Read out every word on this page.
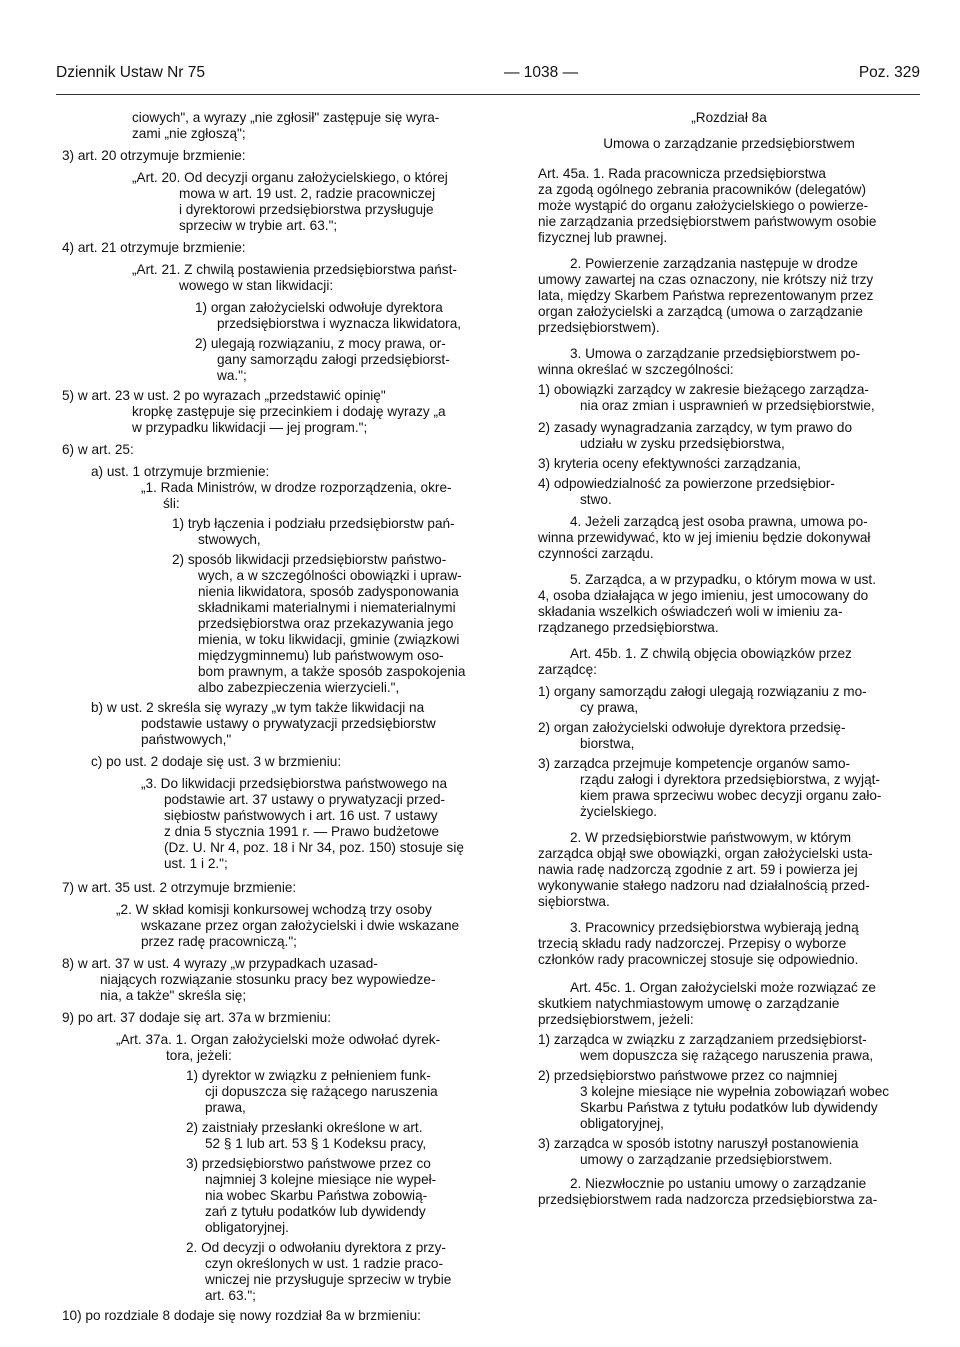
Dziennik Ustaw Nr 75	— 1038 —	Poz. 329
ciowych", a wyrazy „nie zgłosił" zastępuje się wyra-
zami „nie zgłoszą";
3) art. 20 otrzymuje brzmienie:
„Art. 20. Od decyzji organu założycielskiego, o której
mowa w art. 19 ust. 2, radzie pracowniczej
i dyrektorowi przedsiębiorstwa przysługuje
sprzeciw w trybie art. 63.";
4) art. 21 otrzymuje brzmienie:
„Art. 21. Z chwilą postawienia przedsiębiorstwa państ-
wowego w stan likwidacji:
1) organ założycielski odwołuje dyrektora
przedsiębiorstwa i wyznacza likwidatora,
2) ulegają rozwiązaniu, z mocy prawa, or-
gany samorządu załogi przedsiębiorst-
wa.";
5) w art. 23 w ust. 2 po wyrazach „przedstawić opinię"
kropkę zastępuje się przecinkiem i dodaję wyrazy „a
w przypadku likwidacji — jej program.";
6) w art. 25:
a) ust. 1 otrzymuje brzmienie:
„1. Rada Ministrów, w drodze rozporządzenia, okre-
śli:
1) tryb łączenia i podziału przedsiębiorstw pań-
stwowych,
2) sposób likwidacji przedsiębiorstw państwo-
wych, a w szczególności obowiązki i upraw-
nienia likwidatora, sposób zadysponowania
składnikami materialnymi i niematerialnymi
przedsiębiorstwa oraz przekazywania jego
mienia, w toku likwidacji, gminie (związkowi
międzygminnemu) lub państwowym oso-
bom prawnym, a także sposób zaspokojenia
albo zabezpieczenia wierzycieli.",
b) w ust. 2 skreśla się wyrazy „w tym także likwidacji na
podstawie ustawy o prywatyzacji przedsiębiorstw
państwowych,"
c) po ust. 2 dodaje się ust. 3 w brzmieniu:
„3. Do likwidacji przedsiębiorstwa państwowego na
podstawie art. 37 ustawy o prywatyzacji przed-
siębiostw państwowych i art. 16 ust. 7 ustawy
z dnia 5 stycznia 1991 r. — Prawo budżetowe
(Dz. U. Nr 4, poz. 18 i Nr 34, poz. 150) stosuje się
ust. 1 i 2.";
7) w art. 35 ust. 2 otrzymuje brzmienie:
„2. W skład komisji konkursowej wchodzą trzy osoby
wskazane przez organ założycielski i dwie wskazane
przez radę pracowniczą.";
8) w art. 37 w ust. 4 wyrazy „w przypadkach uzasad-
niających rozwiązanie stosunku pracy bez wypowiedze-
nia, a także" skreśla się;
9) po art. 37 dodaje się art. 37a w brzmieniu:
„Art. 37a. 1. Organ założycielski może odwołać dyrek-
tora, jeżeli:
1) dyrektor w związku z pełnieniem funk-
cji dopuszcza się rażącego naruszenia
prawa,
2) zaistniały przesłanki określone w art.
52 § 1 lub art. 53 § 1 Kodeksu pracy,
3) przedsiębiorstwo państwowe przez co
najmniej 3 kolejne miesiące nie wypeł-
nia wobec Skarbu Państwa zobowią-
zań z tytułu podatków lub dywidendy
obligatoryjnej.
2. Od decyzji o odwołaniu dyrektora z przy-
czyn określonych w ust. 1 radzie praco-
wniczej nie przysługuje sprzeciw w trybie
art. 63.";
10) po rozdziale 8 dodaje się nowy rozdział 8a w brzmieniu:
„Rozdział 8a
Umowa o zarządzanie przedsiębiorstwem
Art. 45a. 1. Rada pracownicza przedsiębiorstwa
za zgodą ogólnego zebrania pracowników (delegatów)
może wystąpić do organu założycielskiego o powierze-
nie zarządzania przedsiębiorstwem państwowym osobie
fizycznej lub prawnej.
2. Powierzenie zarządzania następuje w drodze
umowy zawartej na czas oznaczony, nie krótszy niż trzy
lata, między Skarbem Państwa reprezentowanym przez
organ założycielski a zarządcą (umowa o zarządzanie
przedsiębiorstwem).
3. Umowa o zarządzanie przedsiębiorstwem po-
winna określać w szczególności:
1) obowiązki zarządcy w zakresie bieżącego zarządza-
nia oraz zmian i usprawnień w przedsiębiorstwie,
2) zasady wynagradzania zarządcy, w tym prawo do
udziału w zysku przedsiębiorstwa,
3) kryteria oceny efektywności zarządzania,
4) odpowiedzialność za powierzone przedsiębior-
stwo.
4. Jeżeli zarządcą jest osoba prawna, umowa po-
winna przewidywać, kto w jej imieniu będzie dokonywał
czynności zarządu.
5. Zarządca, a w przypadku, o którym mowa w ust.
4, osoba działająca w jego imieniu, jest umocowany do
składania wszelkich oświadczeń woli w imieniu za-
rządzanego przedsiębiorstwa.
Art. 45b. 1. Z chwilą objęcia obowiązków przez
zarządcę:
1) organy samorządu załogi ulegają rozwiązaniu z mo-
cy prawa,
2) organ założycielski odwołuje dyrektora przedsię-
biorstwa,
3) zarządca przejmuje kompetencje organów samo-
rządu załogi i dyrektora przedsiębiorstwa, z wyjąt-
kiem prawa sprzeciwu wobec decyzji organu zało-
życielskiego.
2. W przedsiębiorstwie państwowym, w którym
zarządca objął swe obowiązki, organ założycielski usta-
nawia radę nadzorczą zgodnie z art. 59 i powierza jej
wykonywanie stałego nadzoru nad działalnością przed-
siębiorstwa.
3. Pracownicy przedsiębiorstwa wybierają jedną
trzecią składu rady nadzorczej. Przepisy o wyborze
członków rady pracowniczej stosuje się odpowiednio.
Art. 45c. 1. Organ założycielski może rozwiązać ze
skutkiem natychmiastowym umowę o zarządzanie
przedsiębiorstwem, jeżeli:
1) zarządca w związku z zarządzaniem przedsiębiorst-
wem dopuszcza się rażącego naruszenia prawa,
2) przedsiębiorstwo państwowe przez co najmniej
3 kolejne miesiące nie wypełnia zobowiązań wobec
Skarbu Państwa z tytułu podatków lub dywidendy
obligatoryjnej,
3) zarządca w sposób istotny naruszył postanowienia
umowy o zarządzanie przedsiębiorstwem.
2. Niezwłocznie po ustaniu umowy o zarządzanie
przedsiębiorstwem rada nadzorcza przedsiębiorstwa za-
